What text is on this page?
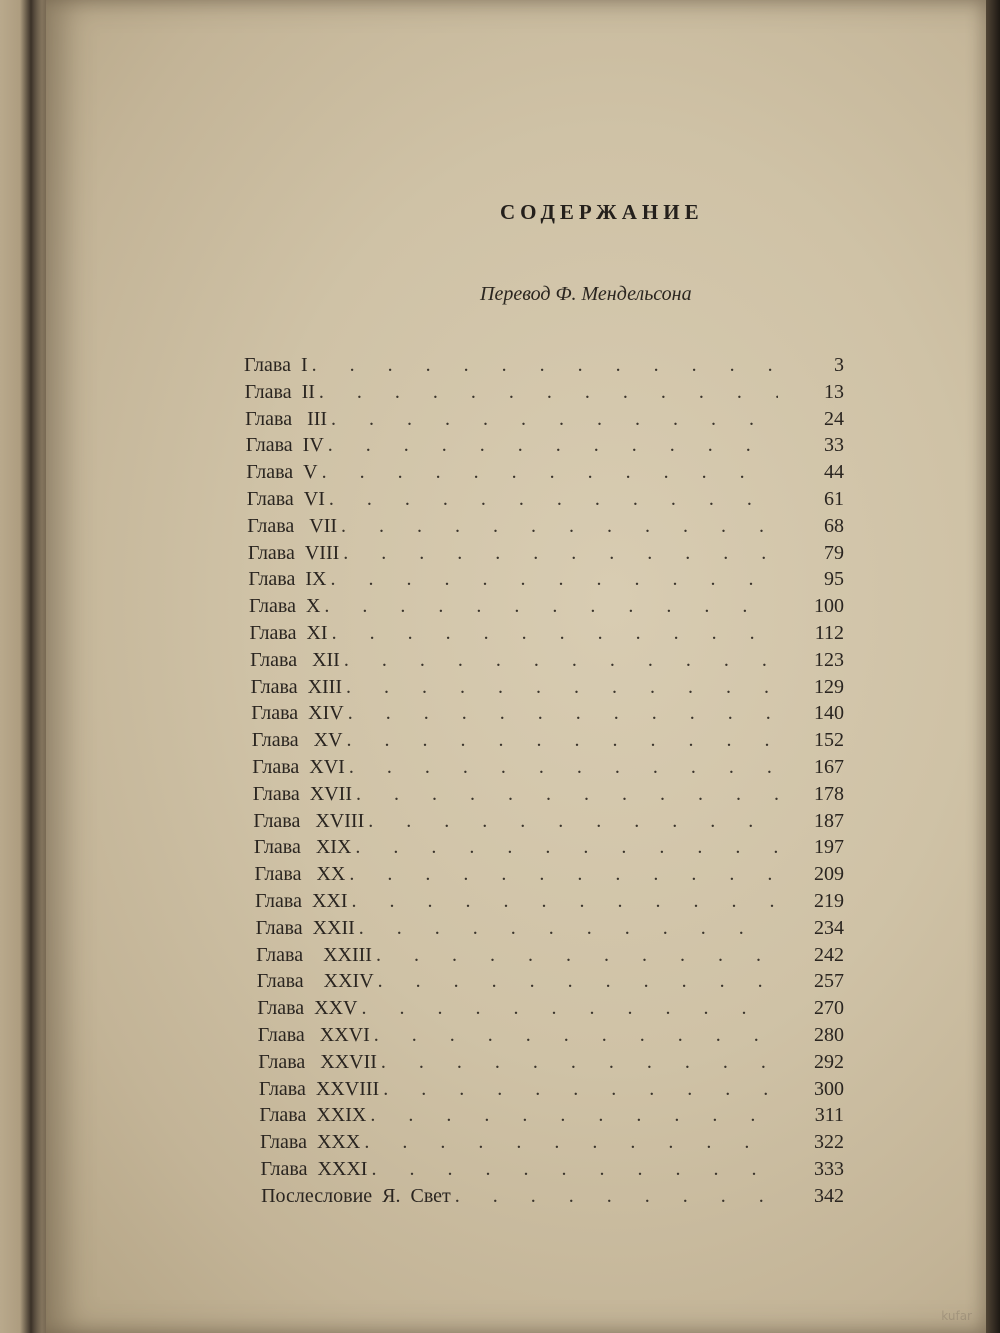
СОДЕРЖАНИЕ
Перевод Ф. Мендельсона
Глава  I . . .	3
Глава  II . . .	13
Глава   III . . .	24
Глава  IV . . .	33
Глава  V . . .	44
Глава  VI . . .	61
Глава   VII . . .	68
Глава  VIII . . .	79
Глава  IX . . .	95
Глава  X . . .	100
Глава  XI . . .	112
Глава   XII . . .	123
Глава  XIII . . .	129
Глава  XIV . . .	140
Глава   XV . . .	152
Глава  XVI . . .	167
Глава  XVII . . .	178
Глава   XVIII . . .	187
Глава   XIX . . .	197
Глава   XX . . .	209
Глава  XXI . . .	219
Глава  XXII . . .	234
Глава    XXIII . . .	242
Глава    XXIV . . .	257
Глава  XXV . . .	270
Глава   XXVI . . .	280
Глава   XXVII . . .	292
Глава  XXVIII . . .	300
Глава  XXIX . . .	311
Глава  XXX . . .	322
Глава  XXXI . . .	333
Послесловие  Я.  Свет . . .	342
kufar
